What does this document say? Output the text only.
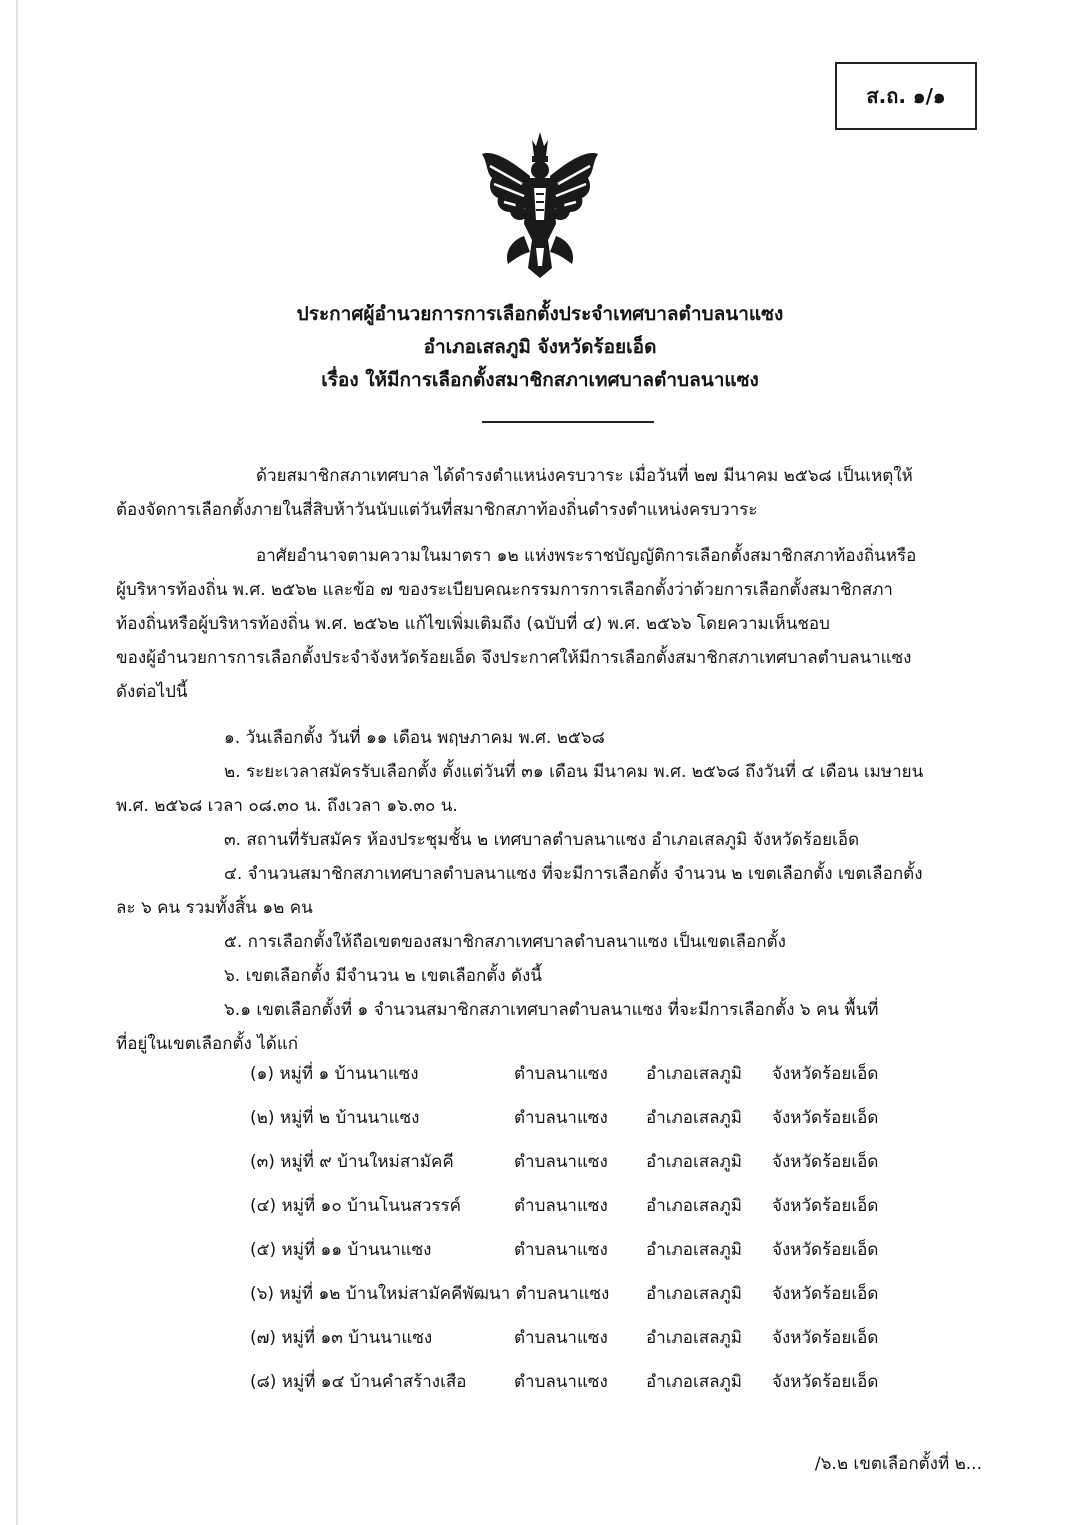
ส.ถ. ๑/๑
ประกาศผู้อำนวยการการเลือกตั้งประจำเทศบาลตำบลนาแซง
อำเภอเสลภูมิ จังหวัดร้อยเอ็ด
เรื่อง ให้มีการเลือกตั้งสมาชิกสภาเทศบาลตำบลนาแซง
ด้วยสมาชิกสภาเทศบาล ได้ดำรงตำแหน่งครบวาระ เมื่อวันที่ ๒๗ มีนาคม ๒๕๖๘ เป็นเหตุให้
ต้องจัดการเลือกตั้งภายในสี่สิบห้าวันนับแต่วันที่สมาชิกสภาท้องถิ่นดำรงตำแหน่งครบวาระ
อาศัยอำนาจตามความในมาตรา ๑๒ แห่งพระราชบัญญัติการเลือกตั้งสมาชิกสภาท้องถิ่นหรือ
ผู้บริหารท้องถิ่น พ.ศ. ๒๕๖๒ และข้อ ๗ ของระเบียบคณะกรรมการการเลือกตั้งว่าด้วยการเลือกตั้งสมาชิกสภา
ท้องถิ่นหรือผู้บริหารท้องถิ่น พ.ศ. ๒๕๖๒ แก้ไขเพิ่มเติมถึง (ฉบับที่ ๔) พ.ศ. ๒๕๖๖ โดยความเห็นชอบ
ของผู้อำนวยการการเลือกตั้งประจำจังหวัดร้อยเอ็ด จึงประกาศให้มีการเลือกตั้งสมาชิกสภาเทศบาลตำบลนาแซง
ดังต่อไปนี้
๑. วันเลือกตั้ง วันที่ ๑๑ เดือน พฤษภาคม พ.ศ. ๒๕๖๘
๒. ระยะเวลาสมัครรับเลือกตั้ง ตั้งแต่วันที่ ๓๑ เดือน มีนาคม พ.ศ. ๒๕๖๘ ถึงวันที่ ๔ เดือน เมษายน
พ.ศ. ๒๕๖๘ เวลา ๐๘.๓๐ น. ถึงเวลา ๑๖.๓๐ น.
๓. สถานที่รับสมัคร ห้องประชุมชั้น ๒ เทศบาลตำบลนาแซง อำเภอเสลภูมิ จังหวัดร้อยเอ็ด
๔. จำนวนสมาชิกสภาเทศบาลตำบลนาแซง ที่จะมีการเลือกตั้ง จำนวน ๒ เขตเลือกตั้ง เขตเลือกตั้ง
ละ ๖ คน รวมทั้งสิ้น ๑๒ คน
๕. การเลือกตั้งให้ถือเขตของสมาชิกสภาเทศบาลตำบลนาแซง เป็นเขตเลือกตั้ง
๖. เขตเลือกตั้ง มีจำนวน ๒ เขตเลือกตั้ง ดังนี้
๖.๑ เขตเลือกตั้งที่ ๑ จำนวนสมาชิกสภาเทศบาลตำบลนาแซง ที่จะมีการเลือกตั้ง ๖ คน พื้นที่
ที่อยู่ในเขตเลือกตั้ง ได้แก่
(๑) หมู่ที่ ๑ บ้านนาแซง	ตำบลนาแซง อำเภอเสลภูมิ จังหวัดร้อยเอ็ด
(๒) หมู่ที่ ๒ บ้านนาแซง	ตำบลนาแซง อำเภอเสลภูมิ จังหวัดร้อยเอ็ด
(๓) หมู่ที่ ๙ บ้านใหม่สามัคคี	ตำบลนาแซง อำเภอเสลภูมิ จังหวัดร้อยเอ็ด
(๔) หมู่ที่ ๑๐ บ้านโนนสวรรค์	ตำบลนาแซง อำเภอเสลภูมิ จังหวัดร้อยเอ็ด
(๕) หมู่ที่ ๑๑ บ้านนาแซง	ตำบลนาแซง อำเภอเสลภูมิ จังหวัดร้อยเอ็ด
(๖) หมู่ที่ ๑๒ บ้านใหม่สามัคคีพัฒนา ตำบลนาแซง	อำเภอเสลภูมิ จังหวัดร้อยเอ็ด
(๗) หมู่ที่ ๑๓ บ้านนาแซง	ตำบลนาแซง อำเภอเสลภูมิ จังหวัดร้อยเอ็ด
(๘) หมู่ที่ ๑๔ บ้านคำสร้างเสือ	ตำบลนาแซง อำเภอเสลภูมิ จังหวัดร้อยเอ็ด
/๖.๒ เขตเลือกตั้งที่ ๒...
